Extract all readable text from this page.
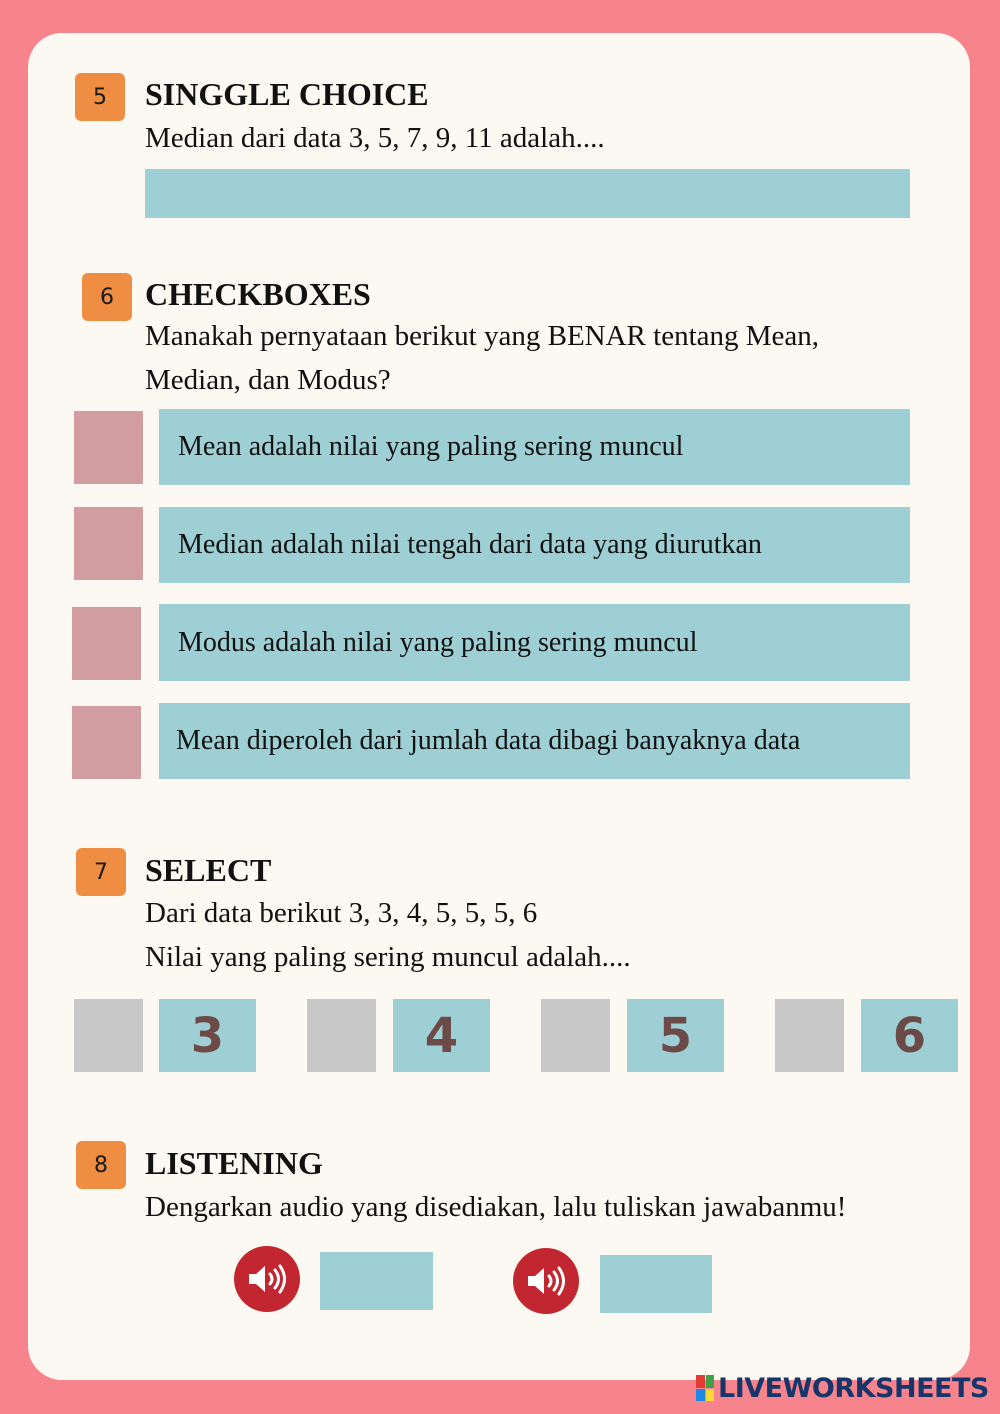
5	SINGGLE CHOICE
Median dari data 3, 5, 7, 9, 11 adalah....
6 CHECKBOXES
Manakah pernyataan berikut yang BENAR tentang Mean,
Median, dan Modus?
Mean adalah nilai yang paling sering muncul
Median adalah nilai tengah dari data yang diurutkan
Modus adalah nilai yang paling sering muncul
Mean diperoleh dari jumlah data dibagi banyaknya data
7	SELECT
Dari data berikut 3, 3, 4, 5, 5, 5, 6
Nilai yang paling sering muncul adalah....
3	4	5	6
8	LISTENING
Dengarkan audio yang disediakan, lalu tuliskan jawabanmu!
LIVEWORKSHEETS
